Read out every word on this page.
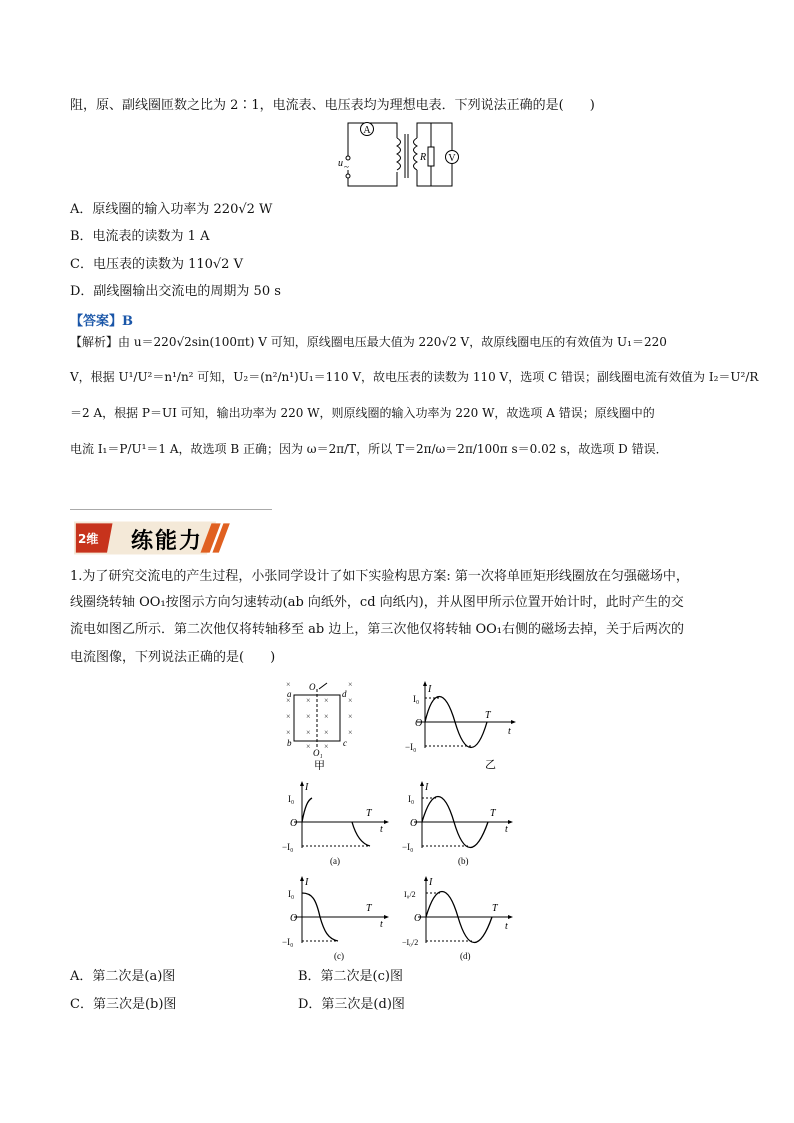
阻，原、副线圈匝数之比为 2∶1，电流表、电压表均为理想电表．下列说法正确的是(　　)
A
u ~
R V
A．原线圈的输入功率为 220√2 W
B．电流表的读数为 1 A
C．电压表的读数为 110√2 V
D．副线圈输出交流电的周期为 50 s
【答案】B
【解析】由 u＝220√2sin(100πt) V 可知，原线圈电压最大值为 220√2 V，故原线圈电压的有效值为 U₁＝220
V，根据 U¹/U²＝n¹/n² 可知，U₂＝(n²/n¹)U₁＝110 V，故电压表的读数为 110 V，选项 C 错误；副线圈电流有效值为 I₂＝U²/R
＝2 A，根据 P＝UI 可知，输出功率为 220 W，则原线圈的输入功率为 220 W，故选项 A 错误；原线圈中的
电流 I₁＝P/U¹＝1 A，故选项 B 正确；因为 ω＝2π/T，所以 T＝2π/ω＝2π/100π s＝0.02 s，故选项 D 错误．
2维 练能力
1.为了研究交流电的产生过程，小张同学设计了如下实验构思方案: 第一次将单匝矩形线圈放在匀强磁场中，
线圈绕转轴 OO₁按图示方向匀速转动(ab 向纸外，cd 向纸内)，并从图甲所示位置开始计时，此时产生的交
流电如图乙所示．第二次他仅将转轴移至 ab 边上，第三次他仅将转轴 OO₁右侧的磁场去掉，关于后两次的
电流图像，下列说法正确的是(　　)
×
×
×
×
×
×
×
×
×
×
×
×
×
×
×
×
a
b	c
d
O
O₁
甲
I
I₀
O
−I₀
T
t
乙
I
I₀
O
−I₀
T
t
(a)
I
I₀
O
−I₀
T
t
(b)
I
I₀
O
−I₀
T
t
(c)
I
I₀/2
O
−I₀/2
T
t
(d)
A．第二次是(a)图	B．第二次是(c)图
C．第三次是(b)图	D．第三次是(d)图
